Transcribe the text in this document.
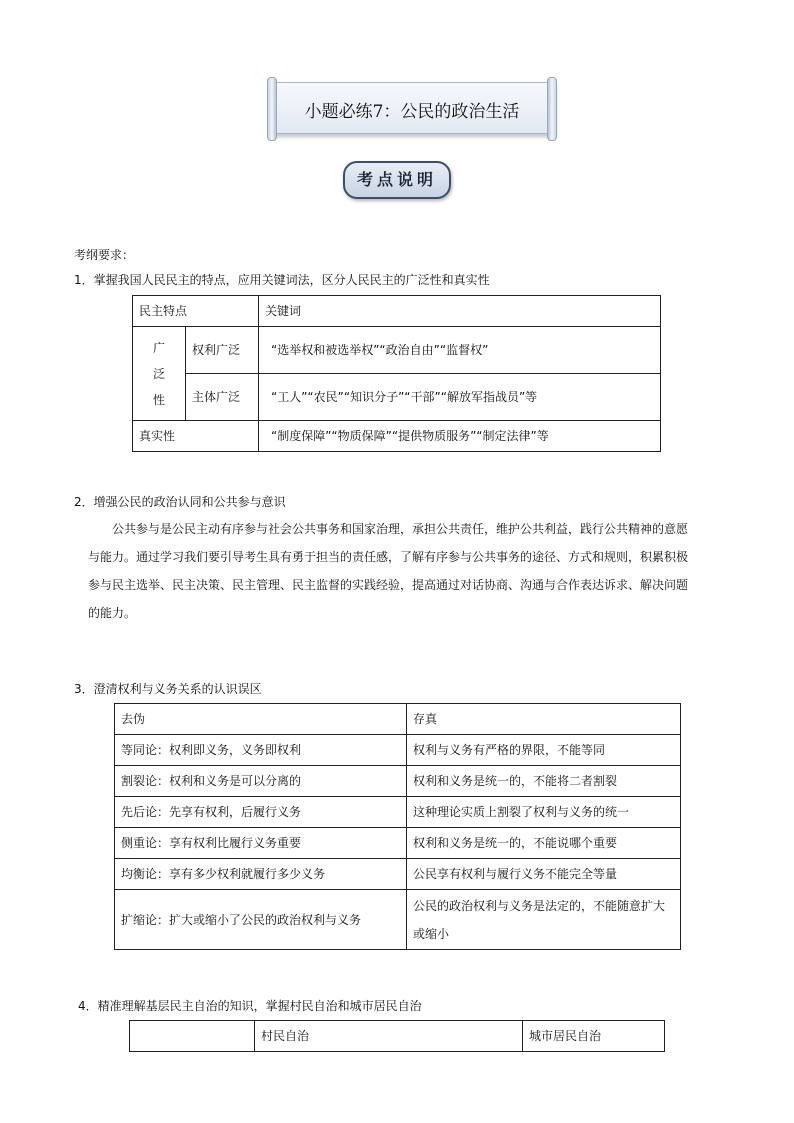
小题必练7：公民的政治生活
考点说明
考纲要求：
1．掌握我国人民民主的特点，应用关键词法，区分人民民主的广泛性和真实性
民主特点		关键词
广
泛
性	权利广泛	“选举权和被选举权”“政治自由”“监督权”
	主体广泛	“工人”“农民”“知识分子”“干部”“解放军指战员”等
真实性		“制度保障”“物质保障”“提供物质服务”“制定法律”等
2．增强公民的政治认同和公共参与意识
公共参与是公民主动有序参与社会公共事务和国家治理，承担公共责任，维护公共利益，践行公共精神的意愿与能力。通过学习我们要引导考生具有勇于担当的责任感，了解有序参与公共事务的途径、方式和规则，积累积极参与民主选举、民主决策、民主管理、民主监督的实践经验，提高通过对话协商、沟通与合作表达诉求、解决问题的能力。
3．澄清权利与义务关系的认识误区
去伪	存真
等同论：权利即义务，义务即权利	权利与义务有严格的界限，不能等同
割裂论：权利和义务是可以分离的	权利和义务是统一的，不能将二者割裂
先后论：先享有权利，后履行义务	这种理论实质上割裂了权利与义务的统一
侧重论：享有权利比履行义务重要	权利和义务是统一的，不能说哪个重要
均衡论：享有多少权利就履行多少义务	公民享有权利与履行义务不能完全等量
扩缩论：扩大或缩小了公民的政治权利与义务	公民的政治权利与义务是法定的，不能随意扩大或缩小
4．精准理解基层民主自治的知识，掌握村民自治和城市居民自治
	村民自治	城市居民自治
